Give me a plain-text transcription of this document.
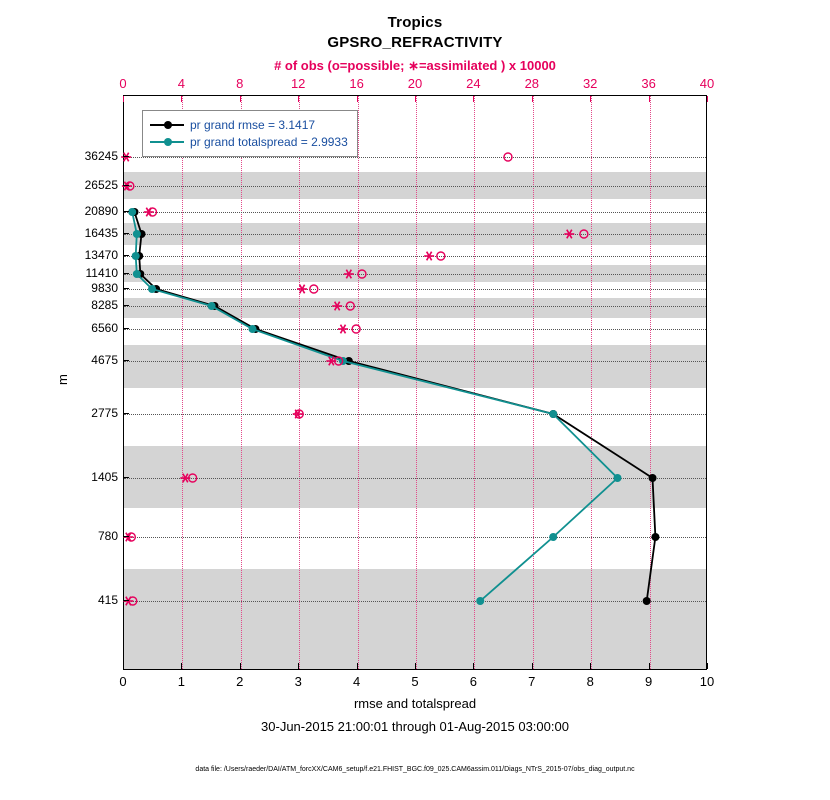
Tropics
GPSRO_REFRACTIVITY
# of obs (o=possible; ∗=assimilated ) x 10000
m
rmse and totalspread
30-Jun-2015 21:00:01 through 01-Aug-2015 03:00:00
data file: /Users/raeder/DAI/ATM_forcXX/CAM6_setup/f.e21.FHIST_BGC.f09_025.CAM6assim.011/Diags_NTrS_2015-07/obs_diag_output.nc
pr grand rmse = 3.1417
pr grand totalspread = 2.9933
0	1	2	3	4	5	6	7	8	9	10
0	4	8	12	16	20	24	28	32	36	40
36245
26525
20890
16435
13470
11410
9830
8285
6560
4675
2775
1405
780
415
